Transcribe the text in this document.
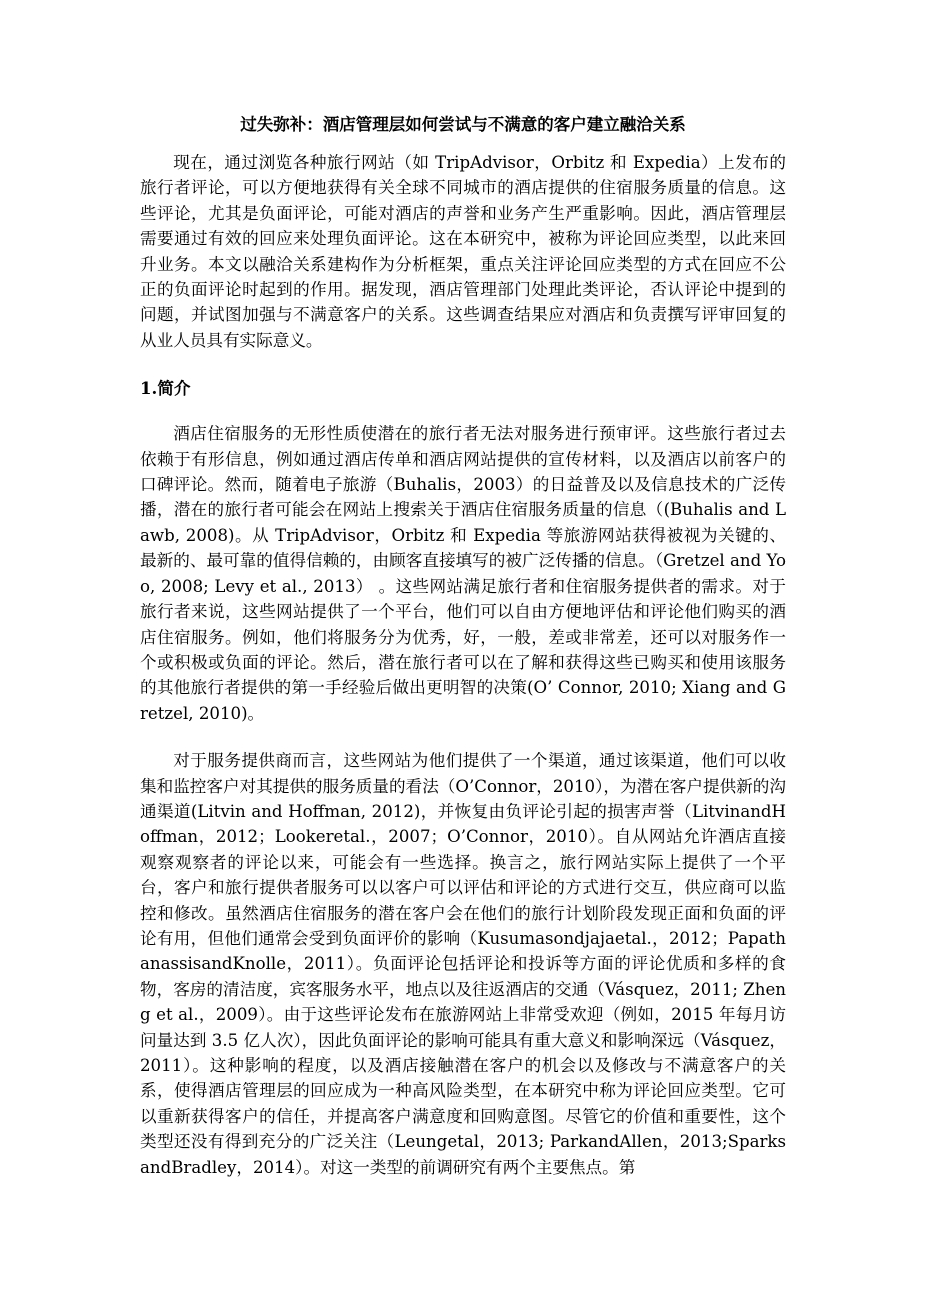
过失弥补：酒店管理层如何尝试与不满意的客户建立融洽关系

现在，通过浏览各种旅行网站（如 TripAdvisor，Orbitz 和 Expedia）上发布的旅行者评论，可以方便地获得有关全球不同城市的酒店提供的住宿服务质量的信息。这些评论，尤其是负面评论，可能对酒店的声誉和业务产生严重影响。因此，酒店管理层需要通过有效的回应来处理负面评论。这在本研究中，被称为评论回应类型，以此来回升业务。本文以融洽关系建构作为分析框架，重点关注评论回应类型的方式在回应不公正的负面评论时起到的作用。据发现，酒店管理部门处理此类评论，否认评论中提到的问题，并试图加强与不满意客户的关系。这些调查结果应对酒店和负责撰写评审回复的从业人员具有实际意义。

1.简介

酒店住宿服务的无形性质使潜在的旅行者无法对服务进行预审评。这些旅行者过去依赖于有形信息，例如通过酒店传单和酒店网站提供的宣传材料，以及酒店以前客户的口碑评论。然而，随着电子旅游（Buhalis，2003）的日益普及以及信息技术的广泛传播，潜在的旅行者可能会在网站上搜索关于酒店住宿服务质量的信息（(Buhalis and Lawb, 2008)。从 TripAdvisor，Orbitz 和 Expedia 等旅游网站获得被视为关键的、最新的、最可靠的值得信赖的，由顾客直接填写的被广泛传播的信息。（Gretzel and Yoo, 2008; Levy et al., 2013） 。这些网站满足旅行者和住宿服务提供者的需求。对于旅行者来说，这些网站提供了一个平台，他们可以自由方便地评估和评论他们购买的酒店住宿服务。例如，他们将服务分为优秀，好，一般，差或非常差，还可以对服务作一个或积极或负面的评论。然后，潜在旅行者可以在了解和获得这些已购买和使用该服务的其他旅行者提供的第一手经验后做出更明智的决策(O’ Connor, 2010; Xiang and Gretzel, 2010)。

对于服务提供商而言，这些网站为他们提供了一个渠道，通过该渠道，他们可以收集和监控客户对其提供的服务质量的看法（O’Connor，2010），为潜在客户提供新的沟通渠道(Litvin and Hoffman, 2012)，并恢复由负评论引起的损害声誉（LitvinandHoffman，2012；Lookeretal.，2007；O’Connor，2010）。自从网站允许酒店直接观察观察者的评论以来，可能会有一些选择。换言之，旅行网站实际上提供了一个平台，客户和旅行提供者服务可以以客户可以评估和评论的方式进行交互，供应商可以监控和修改。虽然酒店住宿服务的潜在客户会在他们的旅行计划阶段发现正面和负面的评论有用，但他们通常会受到负面评价的影响（Kusumasondjajaetal.，2012；PapathanassisandKnolle，2011）。负面评论包括评论和投诉等方面的评论优质和多样的食物，客房的清洁度，宾客服务水平，地点以及往返酒店的交通（Vásquez，2011; Zheng et al.，2009）。由于这些评论发布在旅游网站上非常受欢迎（例如，2015 年每月访问量达到 3.5 亿人次），因此负面评论的影响可能具有重大意义和影响深远（Vásquez，2011）。这种影响的程度，以及酒店接触潜在客户的机会以及修改与不满意客户的关系，使得酒店管理层的回应成为一种高风险类型，在本研究中称为评论回应类型。它可以重新获得客户的信任，并提高客户满意度和回购意图。尽管它的价值和重要性，这个类型还没有得到充分的广泛关注（Leungetal，2013; ParkandAllen，2013;SparksandBradley，2014）。对这一类型的前调研究有两个主要焦点。第
